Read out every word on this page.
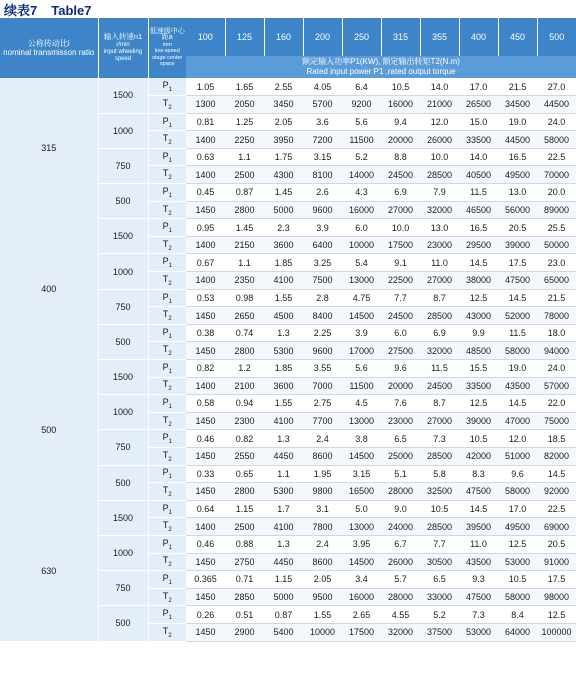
续表7 Table7
公称传动比i
nominal transmisson ratio	输入转速n1
r/min
input wheeling speed	低速级中心距a
mm
low-speed stage center space	100	125	160	200	250	315	355	400	450	500
			额定输入功率P1(KW), 额定输出转矩T2(N.m)
Rated input power P1 ,rated output torque									
315	1500	$P_1$	1.05	1.65	2.55	4.05	6.4	10.5	14.0	17.0	21.5	27.0
		$T_2$	1300	2050	3450	5700	9200	16000	21000	26500	34500	44500
	1000	$P_1$	0.81	1.25	2.05	3.6	5.6	9.4	12.0	15.0	19.0	24.0
		$T_2$	1400	2250	3950	7200	11500	20000	26000	33500	44500	58000
	750	$P_1$	0.63	1.1	1.75	3.15	5.2	8.8	10.0	14.0	16.5	22.5
		$T_2$	1400	2500	4300	8100	14000	24500	28500	40500	49500	70000
	500	$P_1$	0.45	0.87	1.45	2.6	4.3	6.9	7.9	11.5	13.0	20.0
		$T_2$	1450	2800	5000	9600	16000	27000	32000	46500	56000	89000
400	1500	$P_1$	0.95	1.45	2.3	3.9	6.0	10.0	13.0	16.5	20.5	25.5
		$T_2$	1400	2150	3600	6400	10000	17500	23000	29500	39000	50000
	1000	$P_1$	0.67	1.1	1.85	3.25	5.4	9.1	11.0	14.5	17.5	23.0
		$T_2$	1400	2350	4100	7500	13000	22500	27000	38000	47500	65000
	750	$P_1$	0.53	0.98	1.55	2.8	4.75	7.7	8.7	12.5	14.5	21.5
		$T_2$	1450	2650	4500	8400	14500	24500	28500	43000	52000	78000
	500	$P_1$	0.38	0.74	1.3	2.25	3.9	6.0	6.9	9.9	11.5	18.0
		$T_2$	1450	2800	5300	9600	17000	27500	32000	48500	58000	94000
500	1500	$P_1$	0.82	1.2	1.85	3.55	5.6	9.6	11.5	15.5	19.0	24.0
		$T_2$	1400	2100	3600	7000	11500	20000	24500	33500	43500	57000
	1000	$P_1$	0.58	0.94	1.55	2.75	4.5	7.6	8.7	12.5	14.5	22.0
		$T_2$	1450	2300	4100	7700	13000	23000	27000	39000	47000	75000
	750	$P_1$	0.46	0.82	1.3	2.4	3.8	6.5	7.3	10.5	12.0	18.5
		$T_2$	1450	2550	4450	8600	14500	25000	28500	42000	51000	82000
	500	$P_1$	0.33	0.65	1.1	1.95	3.15	5.1	5.8	8.3	9.6	14.5
		$T_2$	1450	2800	5300	9800	16500	28000	32500	47500	58000	92000
630	1500	$P_1$	0.64	1.15	1.7	3.1	5.0	9.0	10.5	14.5	17.0	22.5
		$T_2$	1400	2500	4100	7800	13000	24000	28500	39500	49500	69000
	1000	$P_1$	0.46	0.88	1.3	2.4	3.95	6.7	7.7	11.0	12.5	20.5
		$T_2$	1450	2750	4450	8600	14500	26000	30500	43500	53000	91000
	750	$P_1$	0.365	0.71	1.15	2.05	3.4	5.7	6.5	9.3	10.5	17.5
		$T_2$	1450	2850	5000	9500	16000	28000	33000	47500	58000	98000
	500	$P_1$	0.26	0.51	0.87	1.55	2.65	4.55	5.2	7.3	8.4	12.5
		$T_2$	1450	2900	5400	10000	17500	32000	37500	53000	64000	100000
